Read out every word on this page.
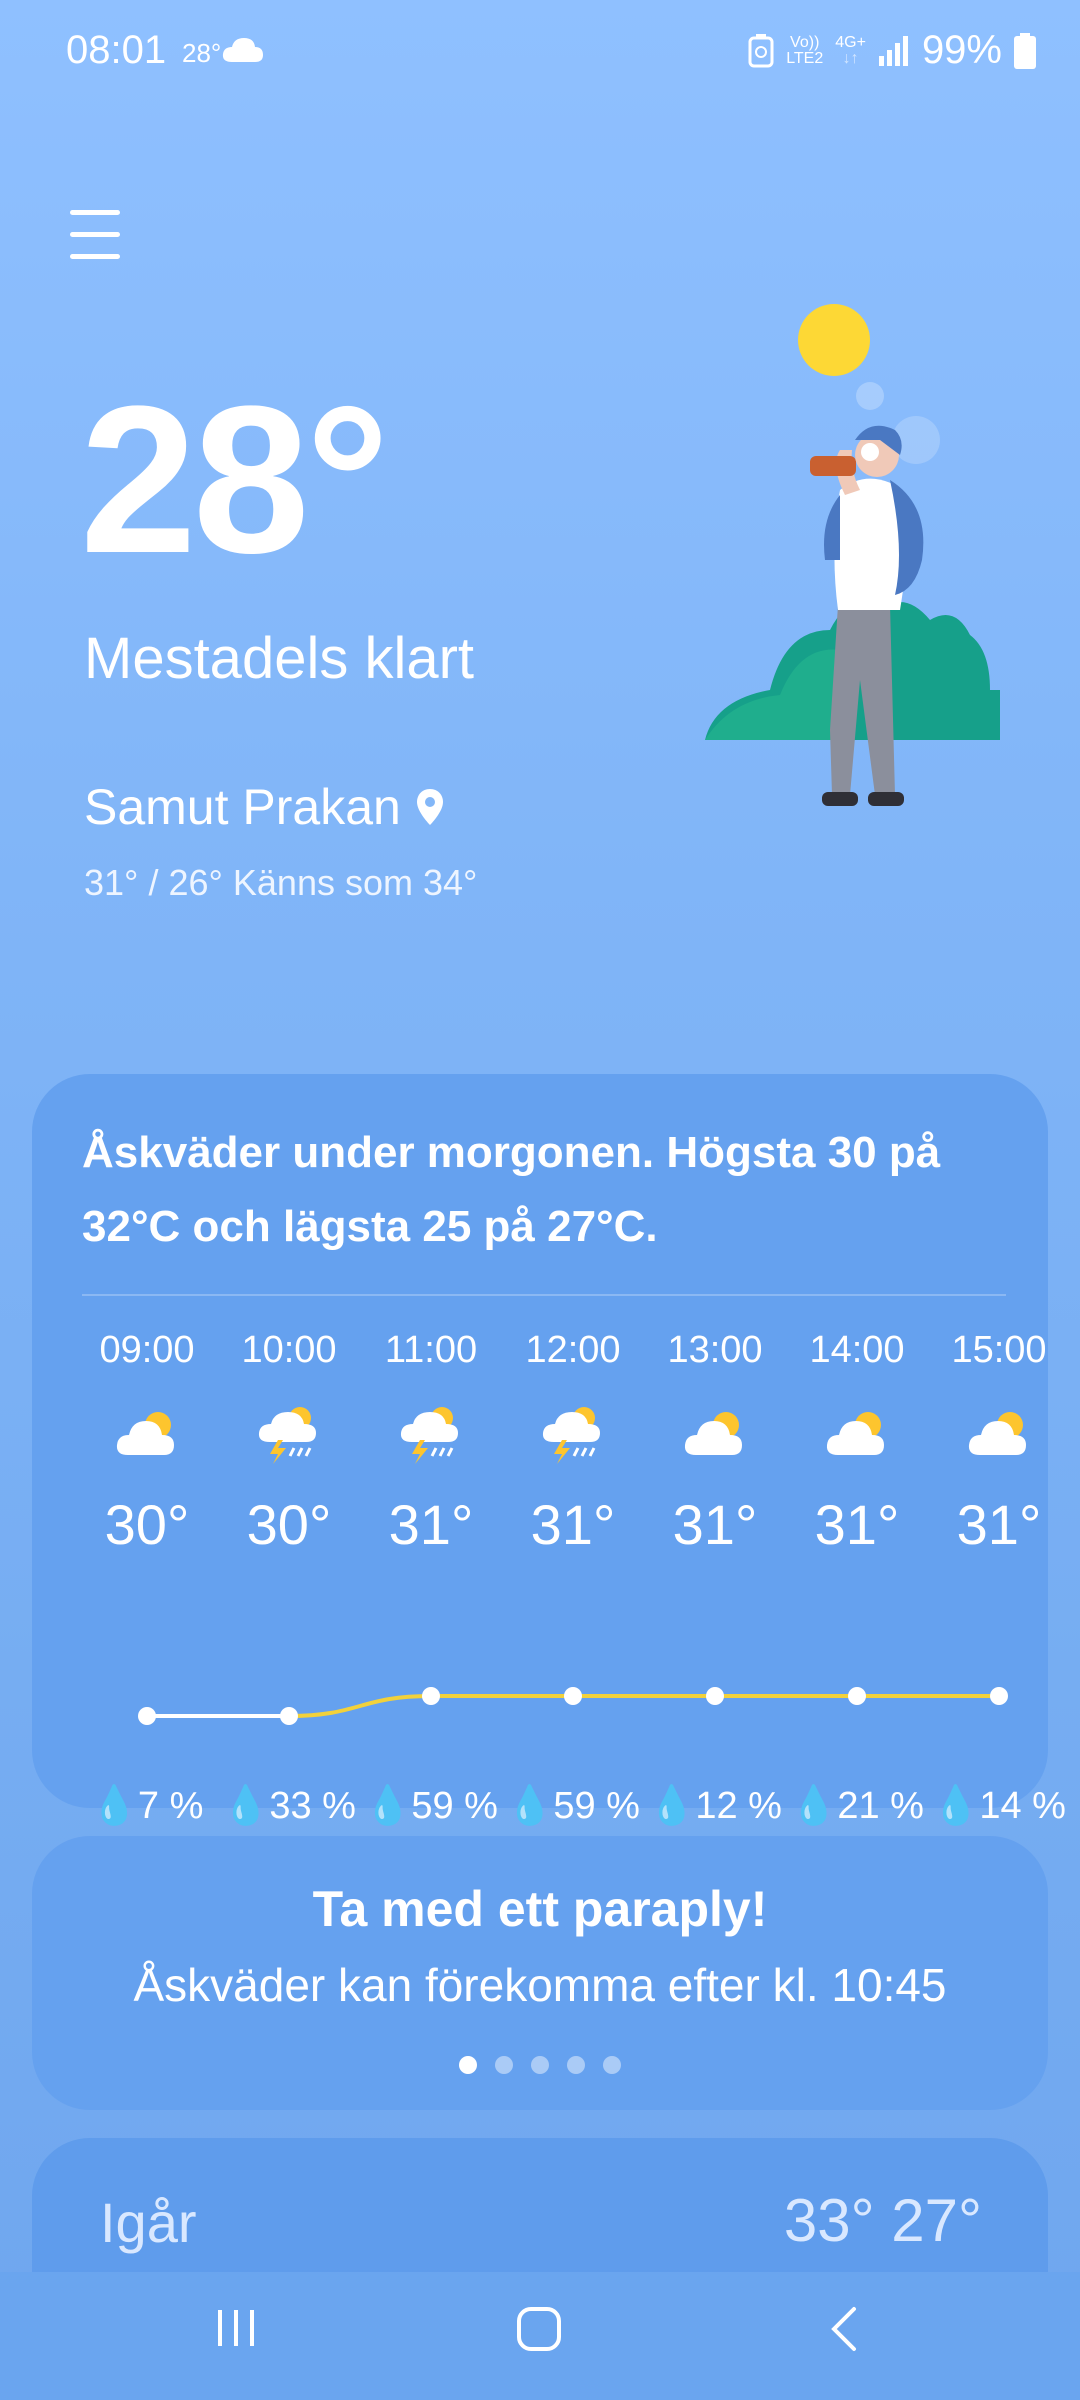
08:01 28°	Vo))
LTE2
4G+
↓↑ 99%
28°
Mestadels klart
Samut Prakan
31° / 26° Känns som 34°
Åskväder under morgonen. Högsta 30 på 32°C och lägsta 25 på 27°C.
09:00
30°
10:00
30°
11:00
31°
12:00
31°
13:00
31°
14:00
31°
15:00
31°
💧7 % 💧33 % 💧59 % 💧59 % 💧12 % 💧21 % 💧14 %
Ta med ett paraply!
Åskväder kan förekomma efter kl. 10:45
Igår	33° 27°
